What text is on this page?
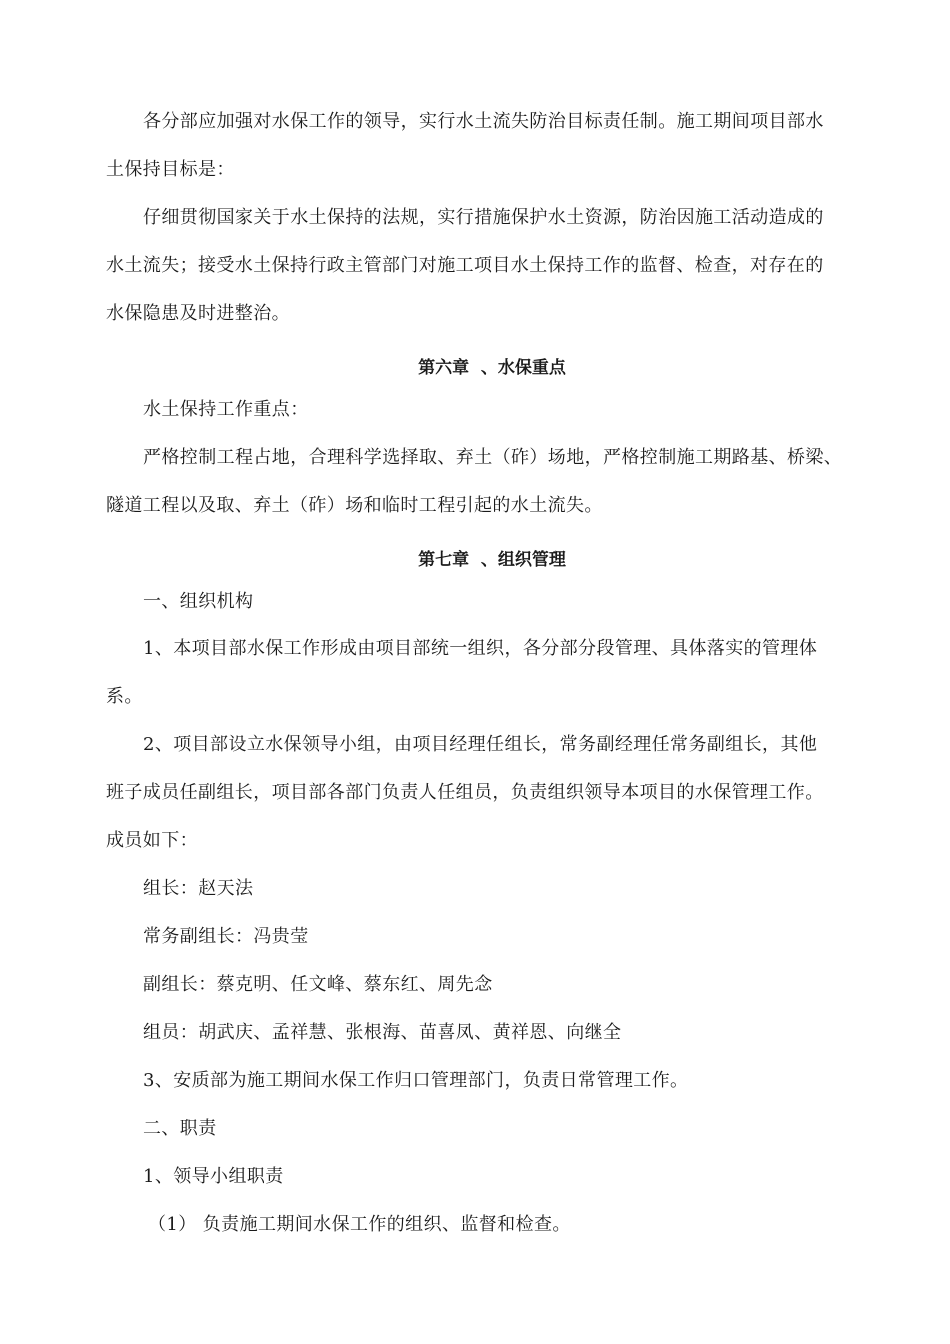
各分部应加强对水保工作的领导，实行水土流失防治目标责任制。施工期间项目部水
土保持目标是：
仔细贯彻国家关于水土保持的法规，实行措施保护水土资源，防治因施工活动造成的
水土流失；接受水土保持行政主管部门对施工项目水土保持工作的监督、检查，对存在的
水保隐患及时进整治。
第六章  、水保重点
水土保持工作重点：
严格控制工程占地，合理科学选择取、弃土（砟）场地，严格控制施工期路基、桥梁、
隧道工程以及取、弃土（砟）场和临时工程引起的水土流失。
第七章  、组织管理
一、组织机构
1、本项目部水保工作形成由项目部统一组织，各分部分段管理、具体落实的管理体
系。
2、项目部设立水保领导小组，由项目经理任组长，常务副经理任常务副组长，其他
班子成员任副组长，项目部各部门负责人任组员，负责组织领导本项目的水保管理工作。
成员如下：
组长：赵天法
常务副组长：冯贵莹
副组长：蔡克明、任文峰、蔡东红、周先念
组员：胡武庆、孟祥慧、张根海、苗喜凤、黄祥恩、向继全
3、安质部为施工期间水保工作归口管理部门，负责日常管理工作。
二、职责
1、领导小组职责
（1） 负责施工期间水保工作的组织、监督和检查。
